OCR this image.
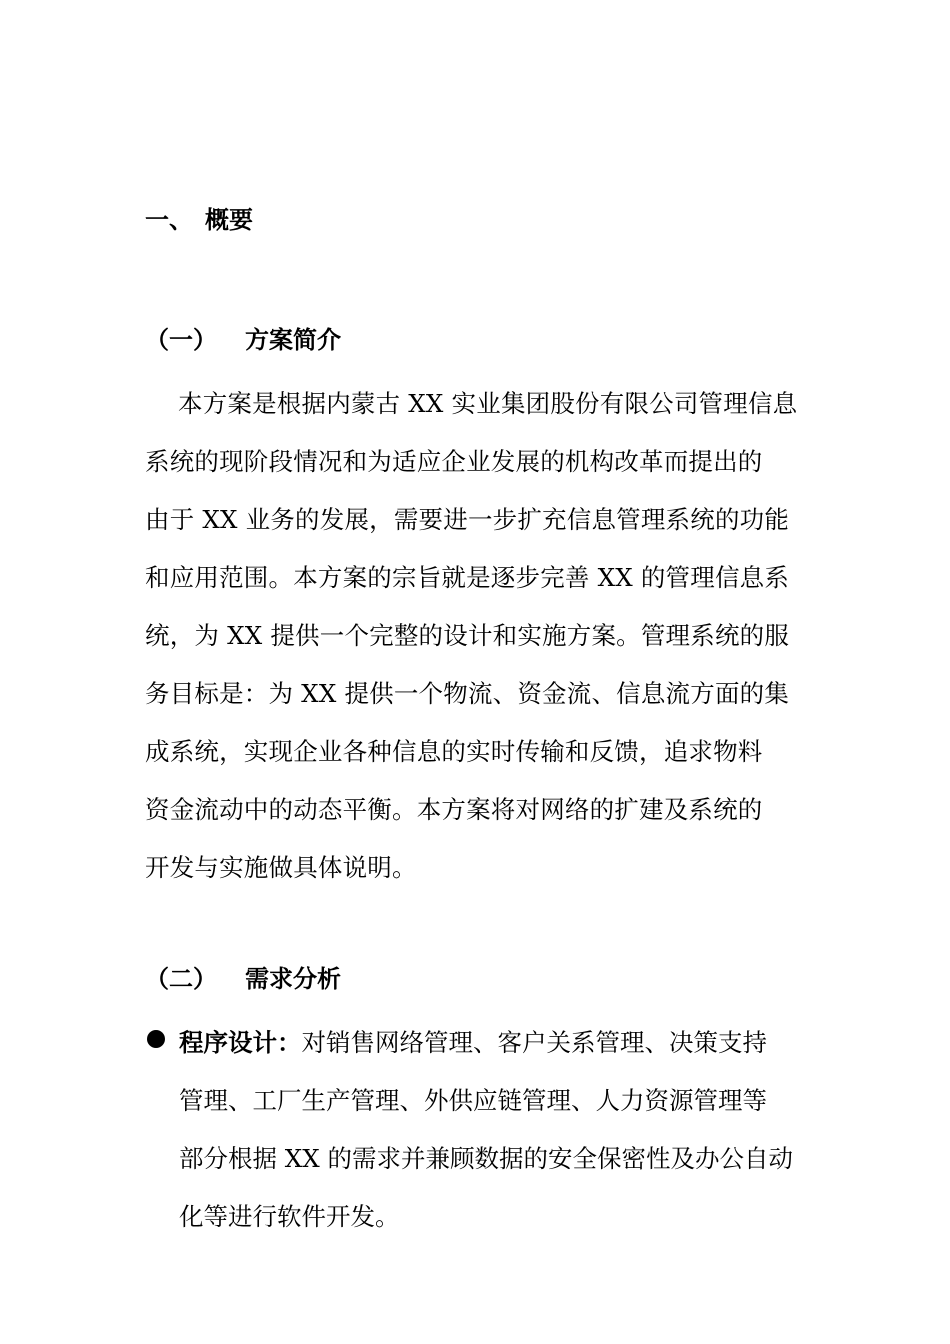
一、 概要
（一） 方案简介
本方案是根据内蒙古 XX 实业集团股份有限公司管理信息
系统的现阶段情况和为适应企业发展的机构改革而提出的
由于 XX 业务的发展，需要进一步扩充信息管理系统的功能
和应用范围。本方案的宗旨就是逐步完善 XX 的管理信息系
统，为 XX 提供一个完整的设计和实施方案。管理系统的服
务目标是：为 XX 提供一个物流、资金流、信息流方面的集
成系统，实现企业各种信息的实时传输和反馈，追求物料
资金流动中的动态平衡。本方案将对网络的扩建及系统的
开发与实施做具体说明。
（二） 需求分析
程序设计：对销售网络管理、客户关系管理、决策支持
管理、工厂生产管理、外供应链管理、人力资源管理等
部分根据 XX 的需求并兼顾数据的安全保密性及办公自动
化等进行软件开发。
